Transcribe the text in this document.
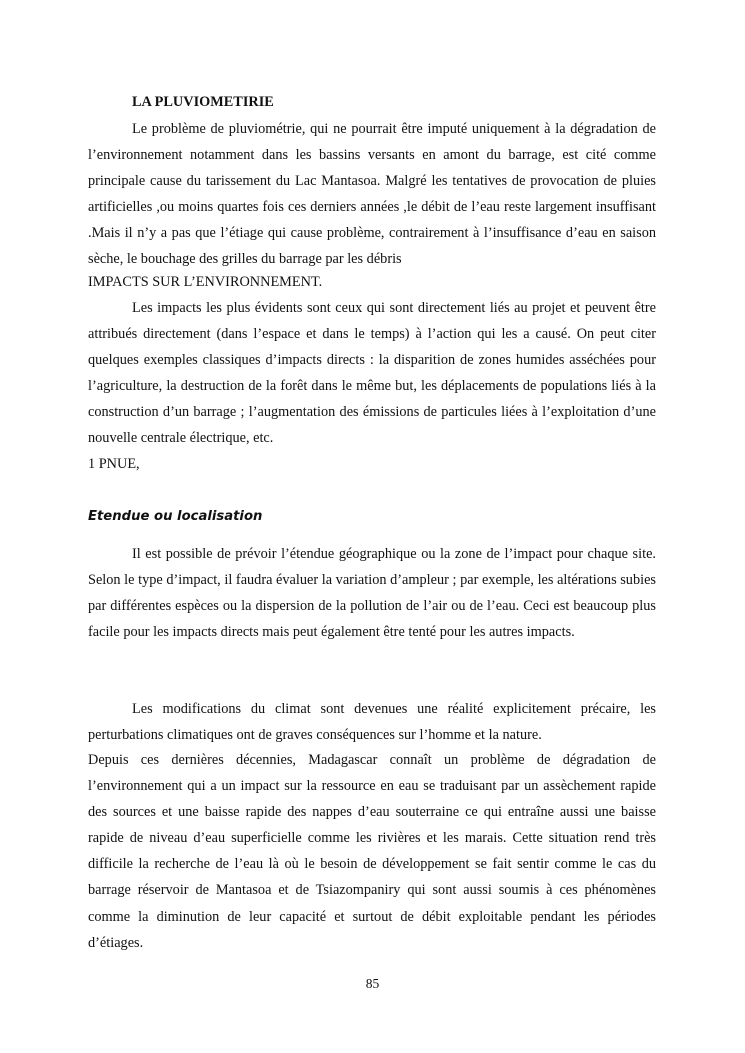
LA PLUVIOMETIRIE

Le problème de pluviométrie, qui ne pourrait être imputé uniquement à la dégradation de l’environnement notamment dans les bassins versants en amont du barrage, est cité comme principale cause du tarissement du Lac Mantasoa. Malgré les tentatives de provocation de pluies artificielles ,ou moins quartes fois ces derniers années ,le débit de l’eau reste largement insuffisant .Mais il n’y a pas que l’étiage qui cause problème, contrairement à l’insuffisance d’eau en saison sèche, le bouchage des grilles du barrage par les débris

IMPACTS SUR L’ENVIRONNEMENT.

Les impacts les plus évidents sont ceux qui sont directement liés au projet et peuvent être attribués directement (dans l’espace et dans le temps) à l’action qui les a causé. On peut citer quelques exemples classiques d’impacts directs : la disparition de zones humides asséchées pour l’agriculture, la destruction de la forêt dans le même but, les déplacements de populations liés à la construction d’un barrage ; l’augmentation des émissions de particules liées à l’exploitation d’une nouvelle centrale électrique, etc.

1 PNUE,
Etendue ou localisation

Il est possible de prévoir l’étendue géographique ou la zone de l’impact pour chaque site. Selon le type d’impact, il faudra évaluer la variation d’ampleur ; par exemple, les altérations subies par différentes espèces ou la dispersion de la pollution de l’air ou de l’eau. Ceci est beaucoup plus facile pour les impacts directs mais peut également être tenté pour les autres impacts.

Les modifications du climat sont devenues une réalité explicitement précaire, les perturbations climatiques ont de graves conséquences sur l’homme et la nature.

Depuis ces dernières décennies, Madagascar connaît un problème de dégradation de l’environnement qui a un impact sur la ressource en eau se traduisant par un assèchement rapide des sources et une baisse rapide des nappes d’eau souterraine ce qui entraîne aussi une baisse rapide de niveau d’eau superficielle comme les rivières et les marais. Cette situation rend très difficile la recherche de l’eau là où le besoin de développement se fait sentir comme le cas du barrage réservoir de Mantasoa et de Tsiazompaniry qui sont aussi soumis à ces phénomènes comme la diminution de leur capacité et surtout de débit exploitable pendant les périodes d’étiages.

85
